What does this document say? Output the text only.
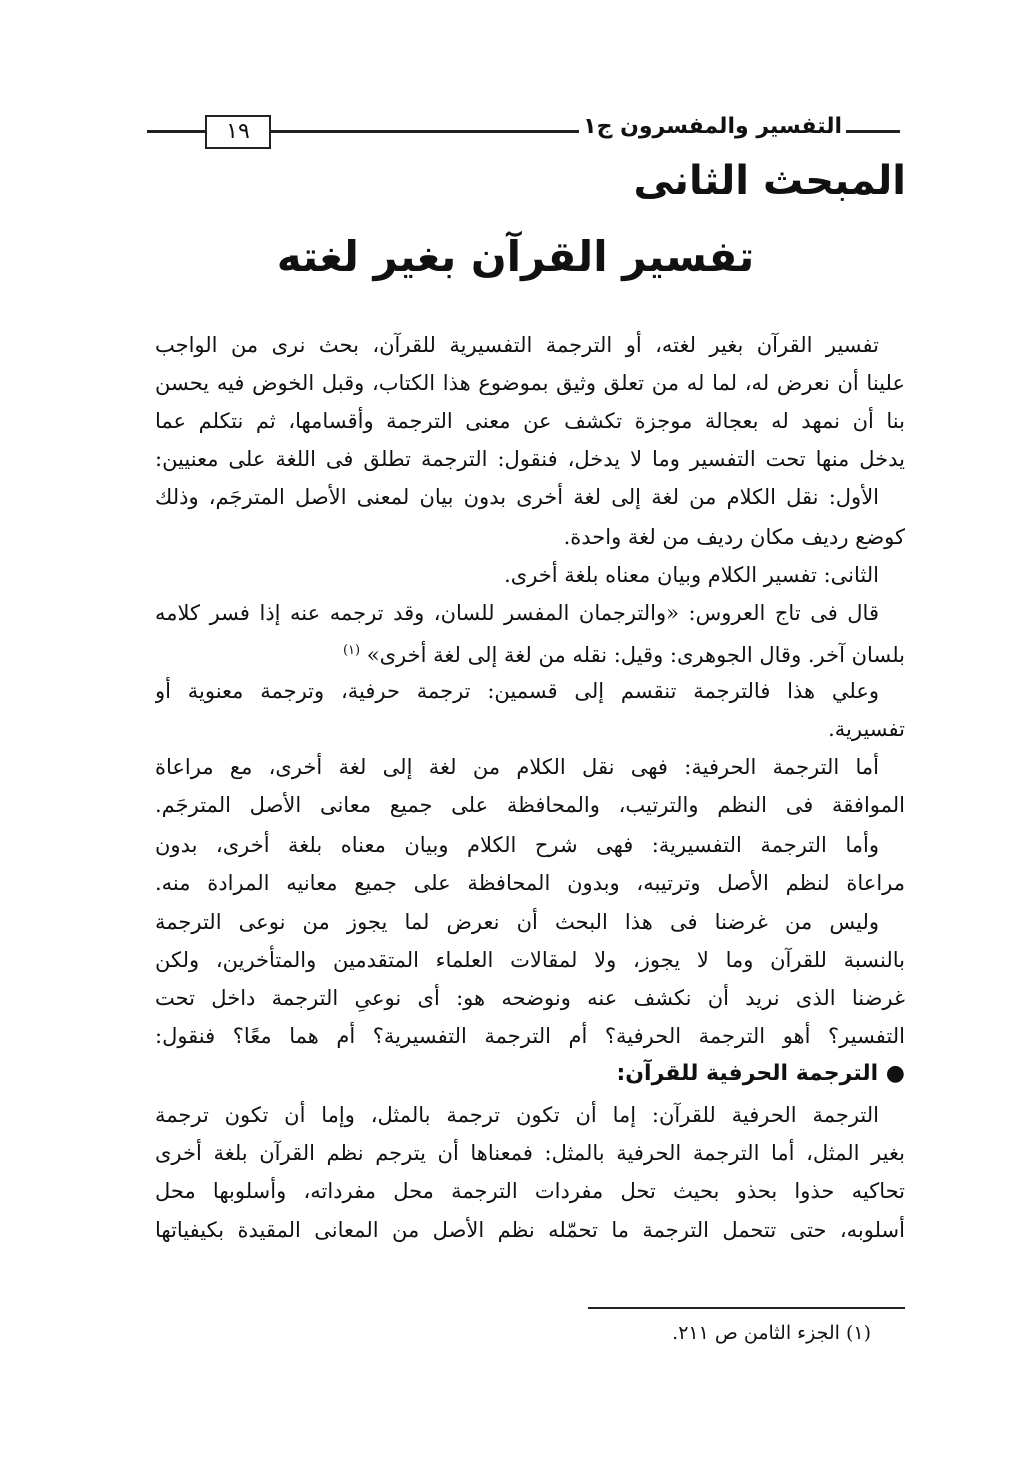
١٩	التفسير والمفسرون ج١
المبحث الثانى
تفسير القرآن بغير لغته
تفسير القرآن بغير لغته، أو الترجمة التفسيرية للقرآن، بحث نرى من الواجب
علينا أن نعرض له، لما له من تعلق وثيق بموضوع هذا الكتاب، وقبل الخوض فيه يحسن
بنا أن نمهد له بعجالة موجزة تكشف عن معنى الترجمة وأقسامها، ثم نتكلم عما
يدخل منها تحت التفسير وما لا يدخل، فنقول: الترجمة تطلق فى اللغة على معنيين:
الأول: نقل الكلام من لغة إلى لغة أخرى بدون بيان لمعنى الأصل المترجَم، وذلك
كوضع رديف مكان رديف من لغة واحدة.
الثانى: تفسير الكلام وبيان معناه بلغة أخرى.
قال فى تاج العروس: «والترجمان المفسر للسان، وقد ترجمه عنه إذا فسر كلامه
بلسان آخر. وقال الجوهرى: وقيل: نقله من لغة إلى لغة أخرى» $^{(١)}$
وعلي هذا فالترجمة تنقسم إلى قسمين: ترجمة حرفية، وترجمة معنوية أو
تفسيرية.
أما الترجمة الحرفية: فهى نقل الكلام من لغة إلى لغة أخرى، مع مراعاة
الموافقة فى النظم والترتيب، والمحافظة على جميع معانى الأصل المترجَم.
وأما الترجمة التفسيرية: فهى شرح الكلام وبيان معناه بلغة أخرى، بدون
مراعاة لنظم الأصل وترتيبه، وبدون المحافظة على جميع معانيه المرادة منه.
وليس من غرضنا فى هذا البحث أن نعرض لما يجوز من نوعى الترجمة
بالنسبة للقرآن وما لا يجوز، ولا لمقالات العلماء المتقدمين والمتأخرين، ولكن
غرضنا الذى نريد أن نكشف عنه ونوضحه هو: أى نوعىِ الترجمة داخل تحت
التفسير؟ أهو الترجمة الحرفية؟ أم الترجمة التفسيرية؟ أم هما معًا؟ فنقول:
● الترجمة الحرفية للقرآن:
الترجمة الحرفية للقرآن: إما أن تكون ترجمة بالمثل، وإما أن تكون ترجمة
بغير المثل، أما الترجمة الحرفية بالمثل: فمعناها أن يترجم نظم القرآن بلغة أخرى
تحاكيه حذوا بحذو بحيث تحل مفردات الترجمة محل مفرداته، وأسلوبها محل
أسلوبه، حتى تتحمل الترجمة ما تحمّله نظم الأصل من المعانى المقيدة بكيفياتها
(١) الجزء الثامن ص ٢١١.
